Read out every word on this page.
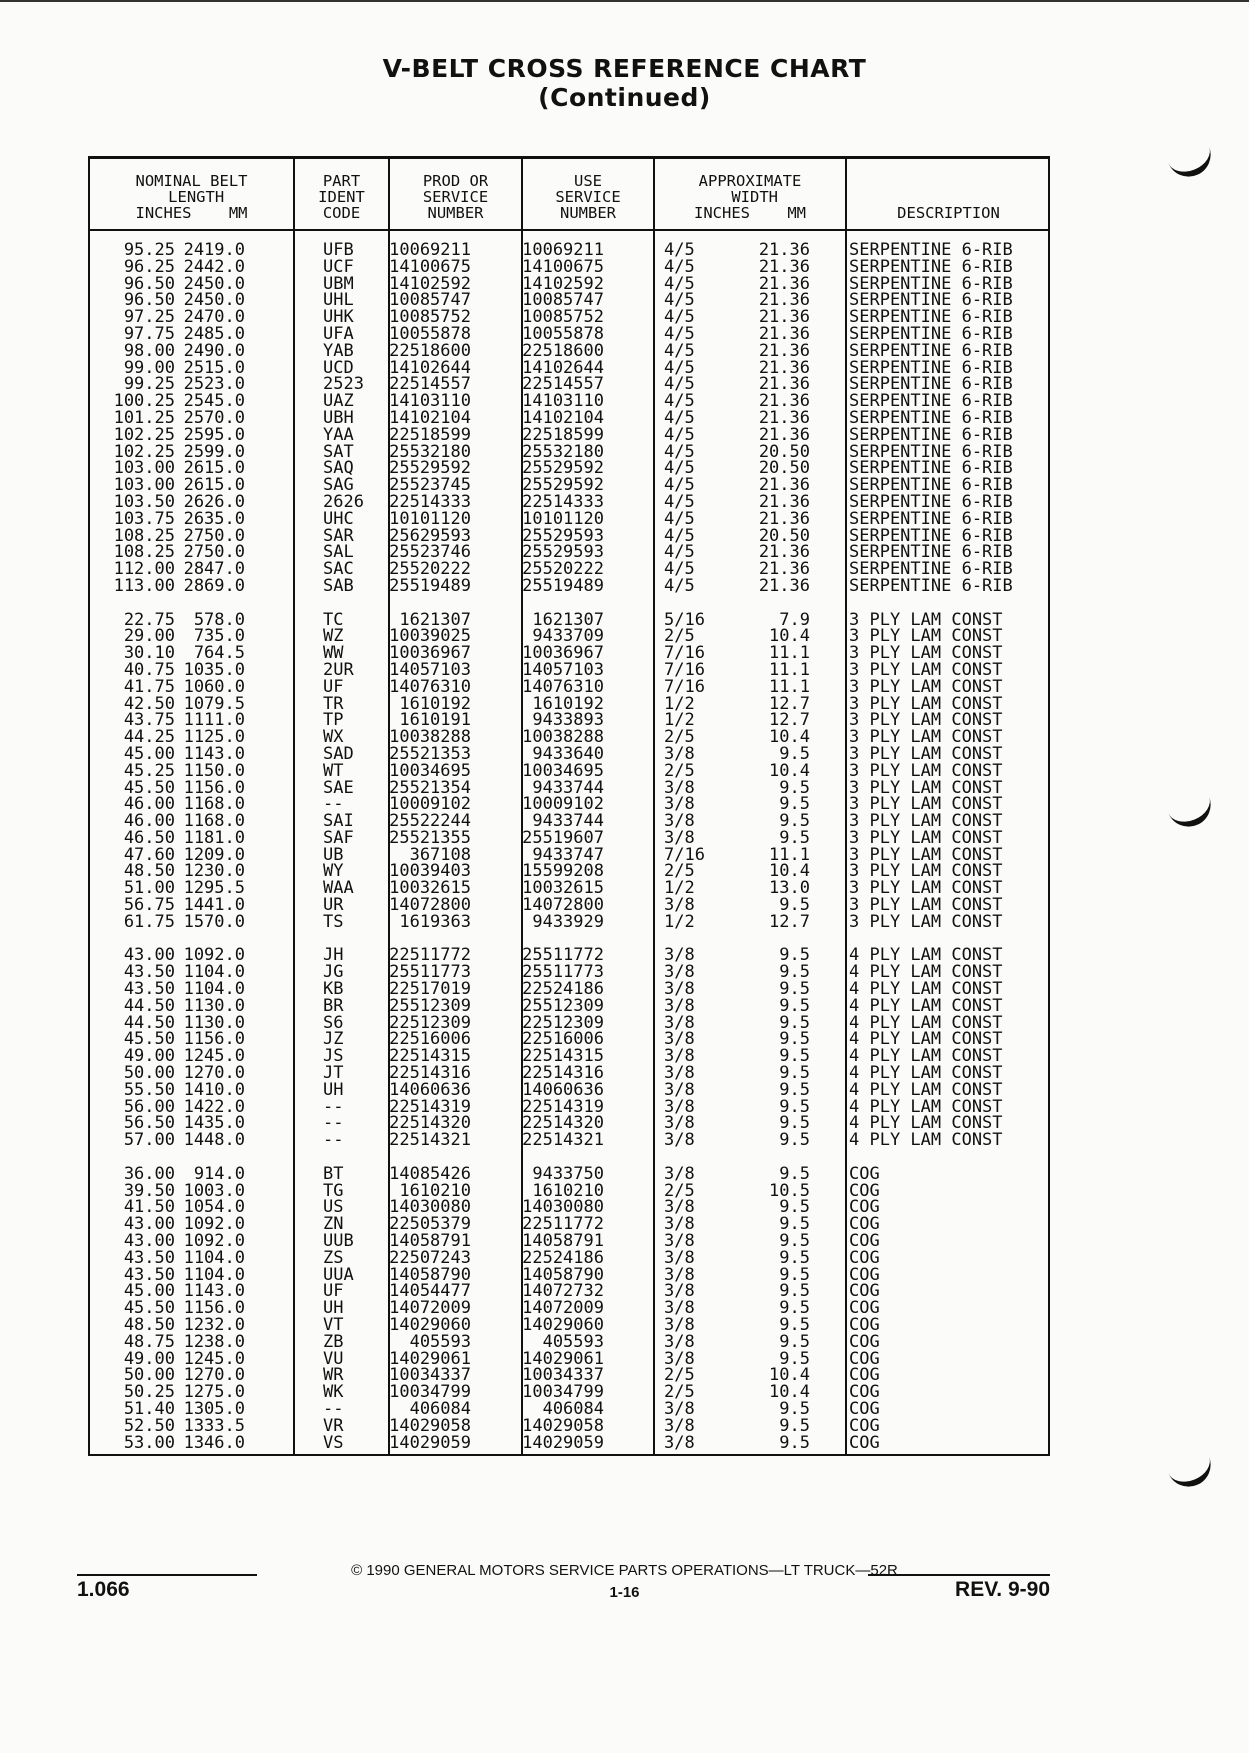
V-BELT CROSS REFERENCE CHART
(Continued)
NOMINAL BELT
LENGTH
INCHES    MM
PART
IDENT
CODE
PROD OR
SERVICE
NUMBER
USE
SERVICE
NUMBER
APPROXIMATE
WIDTH
INCHES    MM	DESCRIPTION
95.25 2419.0	UFB 10069211	10069211	4/5	21.36 SERPENTINE 6-RIB
96.25 2442.0	UCF 14100675	14100675	4/5	21.36 SERPENTINE 6-RIB
96.50 2450.0	UBM 14102592	14102592	4/5	21.36 SERPENTINE 6-RIB
96.50 2450.0	UHL 10085747	10085747	4/5	21.36 SERPENTINE 6-RIB
97.25 2470.0	UHK 10085752	10085752	4/5	21.36 SERPENTINE 6-RIB
97.75 2485.0	UFA 10055878	10055878	4/5	21.36 SERPENTINE 6-RIB
98.00 2490.0	YAB 22518600	22518600	4/5	21.36 SERPENTINE 6-RIB
99.00 2515.0	UCD 14102644	14102644	4/5	21.36 SERPENTINE 6-RIB
99.25 2523.0	2523 22514557	22514557	4/5	21.36 SERPENTINE 6-RIB
100.25 2545.0	UAZ 14103110	14103110	4/5	21.36 SERPENTINE 6-RIB
101.25 2570.0	UBH 14102104	14102104	4/5	21.36 SERPENTINE 6-RIB
102.25 2595.0	YAA 22518599	22518599	4/5	21.36 SERPENTINE 6-RIB
102.25 2599.0	SAT 25532180	25532180	4/5	20.50 SERPENTINE 6-RIB
103.00 2615.0	SAQ 25529592	25529592	4/5	20.50 SERPENTINE 6-RIB
103.00 2615.0	SAG 25523745	25529592	4/5	21.36 SERPENTINE 6-RIB
103.50 2626.0	2626 22514333	22514333	4/5	21.36 SERPENTINE 6-RIB
103.75 2635.0	UHC 10101120	10101120	4/5	21.36 SERPENTINE 6-RIB
108.25 2750.0	SAR 25629593	25529593	4/5	20.50 SERPENTINE 6-RIB
108.25 2750.0	SAL 25523746	25529593	4/5	21.36 SERPENTINE 6-RIB
112.00 2847.0	SAC 25520222	25520222	4/5	21.36 SERPENTINE 6-RIB
113.00 2869.0	SAB 25519489	25519489	4/5	21.36 SERPENTINE 6-RIB
22.75 578.0	TC	1621307	1621307	5/16	7.9 3 PLY LAM CONST
29.00 735.0	WZ	10039025	9433709	2/5	10.4 3 PLY LAM CONST
30.10 764.5	WW	10036967	10036967	7/16	11.1 3 PLY LAM CONST
40.75 1035.0	2UR 14057103	14057103	7/16	11.1 3 PLY LAM CONST
41.75 1060.0	UF	14076310	14076310	7/16	11.1 3 PLY LAM CONST
42.50 1079.5	TR	1610192	1610192	1/2	12.7 3 PLY LAM CONST
43.75 1111.0	TP	1610191	9433893	1/2	12.7 3 PLY LAM CONST
44.25 1125.0	WX	10038288	10038288	2/5	10.4 3 PLY LAM CONST
45.00 1143.0	SAD 25521353	9433640	3/8	9.5 3 PLY LAM CONST
45.25 1150.0	WT	10034695	10034695	2/5	10.4 3 PLY LAM CONST
45.50 1156.0	SAE 25521354	9433744	3/8	9.5 3 PLY LAM CONST
46.00 1168.0	--	10009102	10009102	3/8	9.5 3 PLY LAM CONST
46.00 1168.0	SAI 25522244	9433744	3/8	9.5 3 PLY LAM CONST
46.50 1181.0	SAF 25521355	25519607	3/8	9.5 3 PLY LAM CONST
47.60 1209.0	UB	367108	9433747	7/16	11.1 3 PLY LAM CONST
48.50 1230.0	WY	10039403	15599208	2/5	10.4 3 PLY LAM CONST
51.00 1295.5	WAA 10032615	10032615	1/2	13.0 3 PLY LAM CONST
56.75 1441.0	UR	14072800	14072800	3/8	9.5 3 PLY LAM CONST
61.75 1570.0	TS	1619363	9433929	1/2	12.7 3 PLY LAM CONST
43.00 1092.0	JH	22511772	25511772	3/8	9.5 4 PLY LAM CONST
43.50 1104.0	JG	25511773	25511773	3/8	9.5 4 PLY LAM CONST
43.50 1104.0	KB	22517019	22524186	3/8	9.5 4 PLY LAM CONST
44.50 1130.0	BR	25512309	25512309	3/8	9.5 4 PLY LAM CONST
44.50 1130.0	S6	22512309	22512309	3/8	9.5 4 PLY LAM CONST
45.50 1156.0	JZ	22516006	22516006	3/8	9.5 4 PLY LAM CONST
49.00 1245.0	JS	22514315	22514315	3/8	9.5 4 PLY LAM CONST
50.00 1270.0	JT	22514316	22514316	3/8	9.5 4 PLY LAM CONST
55.50 1410.0	UH	14060636	14060636	3/8	9.5 4 PLY LAM CONST
56.00 1422.0	--	22514319	22514319	3/8	9.5 4 PLY LAM CONST
56.50 1435.0	--	22514320	22514320	3/8	9.5 4 PLY LAM CONST
57.00 1448.0	--	22514321	22514321	3/8	9.5 4 PLY LAM CONST
36.00 914.0	BT	14085426	9433750	3/8	9.5 COG
39.50 1003.0	TG	1610210	1610210	2/5	10.5 COG
41.50 1054.0	US	14030080	14030080	3/8	9.5 COG
43.00 1092.0	ZN	22505379	22511772	3/8	9.5 COG
43.00 1092.0	UUB 14058791	14058791	3/8	9.5 COG
43.50 1104.0	ZS	22507243	22524186	3/8	9.5 COG
43.50 1104.0	UUA 14058790	14058790	3/8	9.5 COG
45.00 1143.0	UF	14054477	14072732	3/8	9.5 COG
45.50 1156.0	UH	14072009	14072009	3/8	9.5 COG
48.50 1232.0	VT	14029060	14029060	3/8	9.5 COG
48.75 1238.0	ZB	405593	405593	3/8	9.5 COG
49.00 1245.0	VU	14029061	14029061	3/8	9.5 COG
50.00 1270.0	WR	10034337	10034337	2/5	10.4 COG
50.25 1275.0	WK	10034799	10034799	2/5	10.4 COG
51.40 1305.0	--	406084	406084	3/8	9.5 COG
52.50 1333.5	VR	14029058	14029058	3/8	9.5 COG
53.00 1346.0	VS	14029059	14029059	3/8	9.5 COG
© 1990 GENERAL MOTORS SERVICE PARTS OPERATIONS—LT TRUCK—52R
1-16
1.066	REV. 9-90
